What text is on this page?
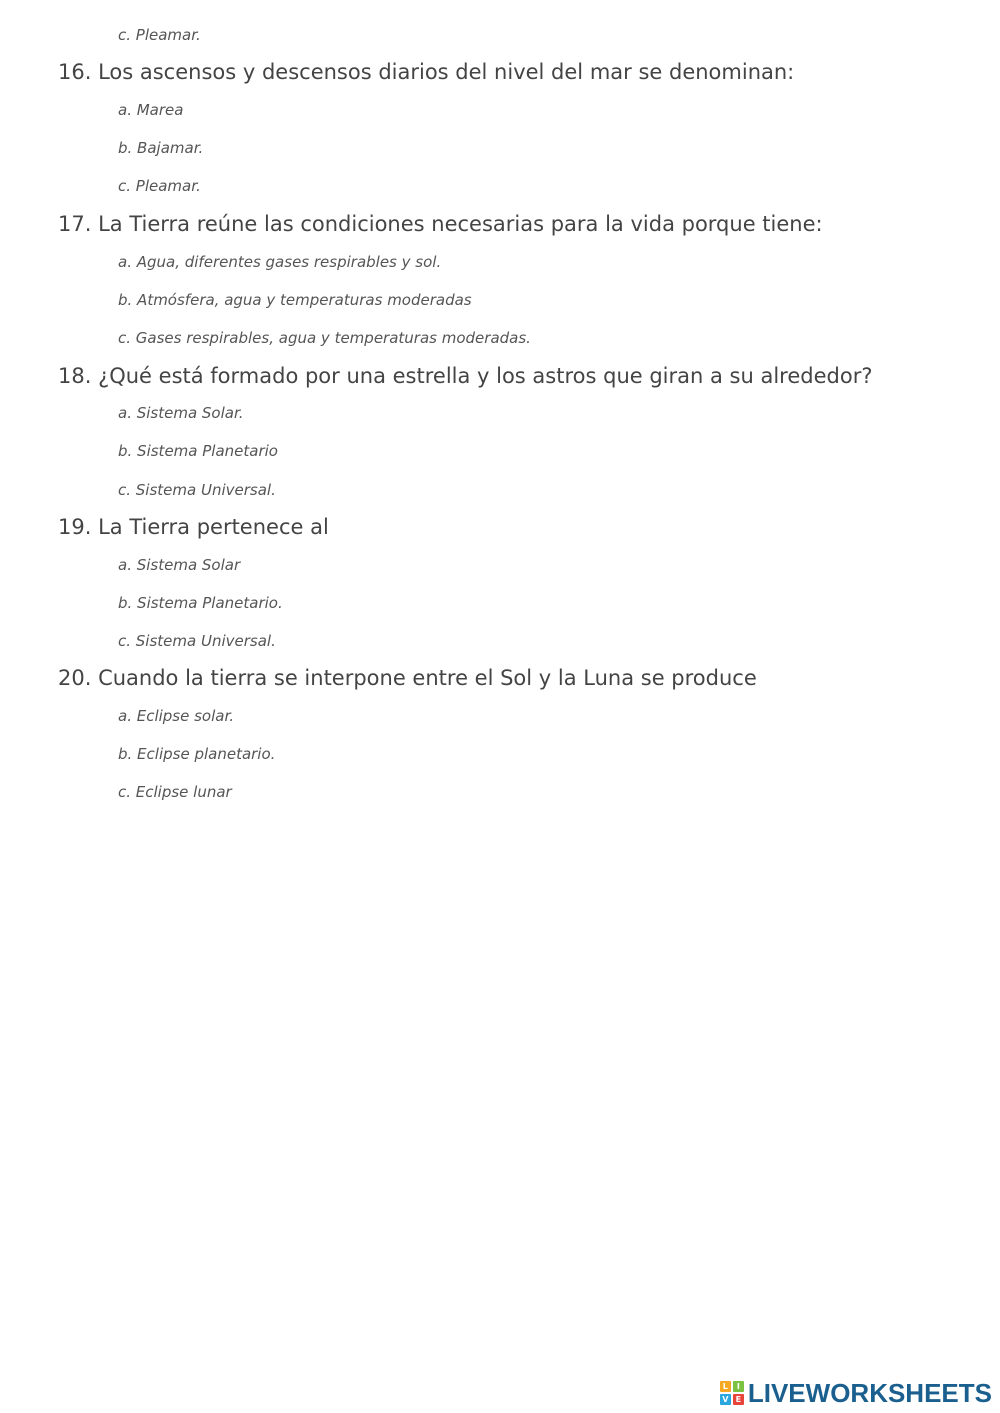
c. Pleamar.
16. Los ascensos y descensos diarios del nivel del mar se denominan:
a. Marea
b. Bajamar.
c. Pleamar.
17. La Tierra reúne las condiciones necesarias para la vida porque tiene:
a. Agua, diferentes gases respirables y sol.
b. Atmósfera, agua y temperaturas moderadas
c. Gases respirables, agua y temperaturas moderadas.
18. ¿Qué está formado por una estrella y los astros que giran a su alrededor?
a. Sistema Solar.
b. Sistema Planetario
c. Sistema Universal.
19. La Tierra pertenece al
a. Sistema Solar
b. Sistema Planetario.
c. Sistema Universal.
20. Cuando la tierra se interpone entre el Sol y la Luna se produce
a. Eclipse solar.
b. Eclipse planetario.
c. Eclipse lunar
L	I
V E LIVEWORKSHEETS
